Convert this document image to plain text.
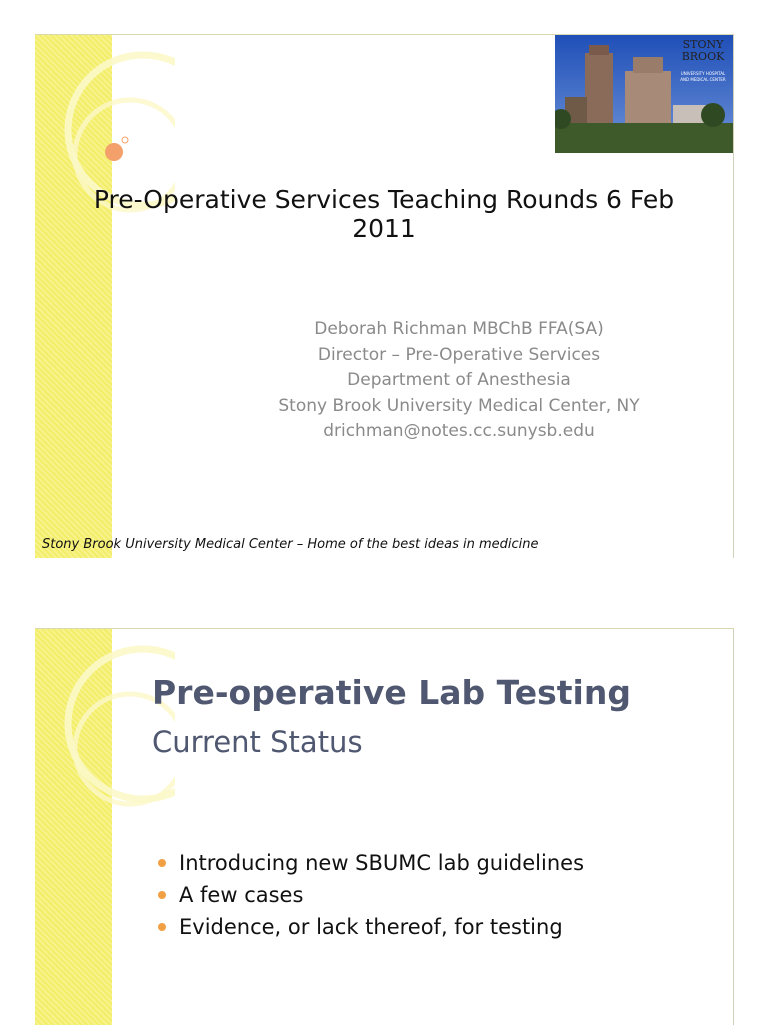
STONY
BROOK
UNIVERSITY HOSPITAL
AND MEDICAL CENTER
Pre-Operative Services Teaching Rounds 6 Feb 2011
Deborah Richman MBChB FFA(SA)
Director – Pre-Operative Services
Department of Anesthesia
Stony Brook University Medical Center, NY
drichman@notes.cc.sunysb.edu
Stony Brook University Medical Center – Home of the best ideas in medicine
Pre-operative Lab Testing
Current Status
Introducing new SBUMC lab guidelines
A few cases
Evidence, or lack thereof, for testing
